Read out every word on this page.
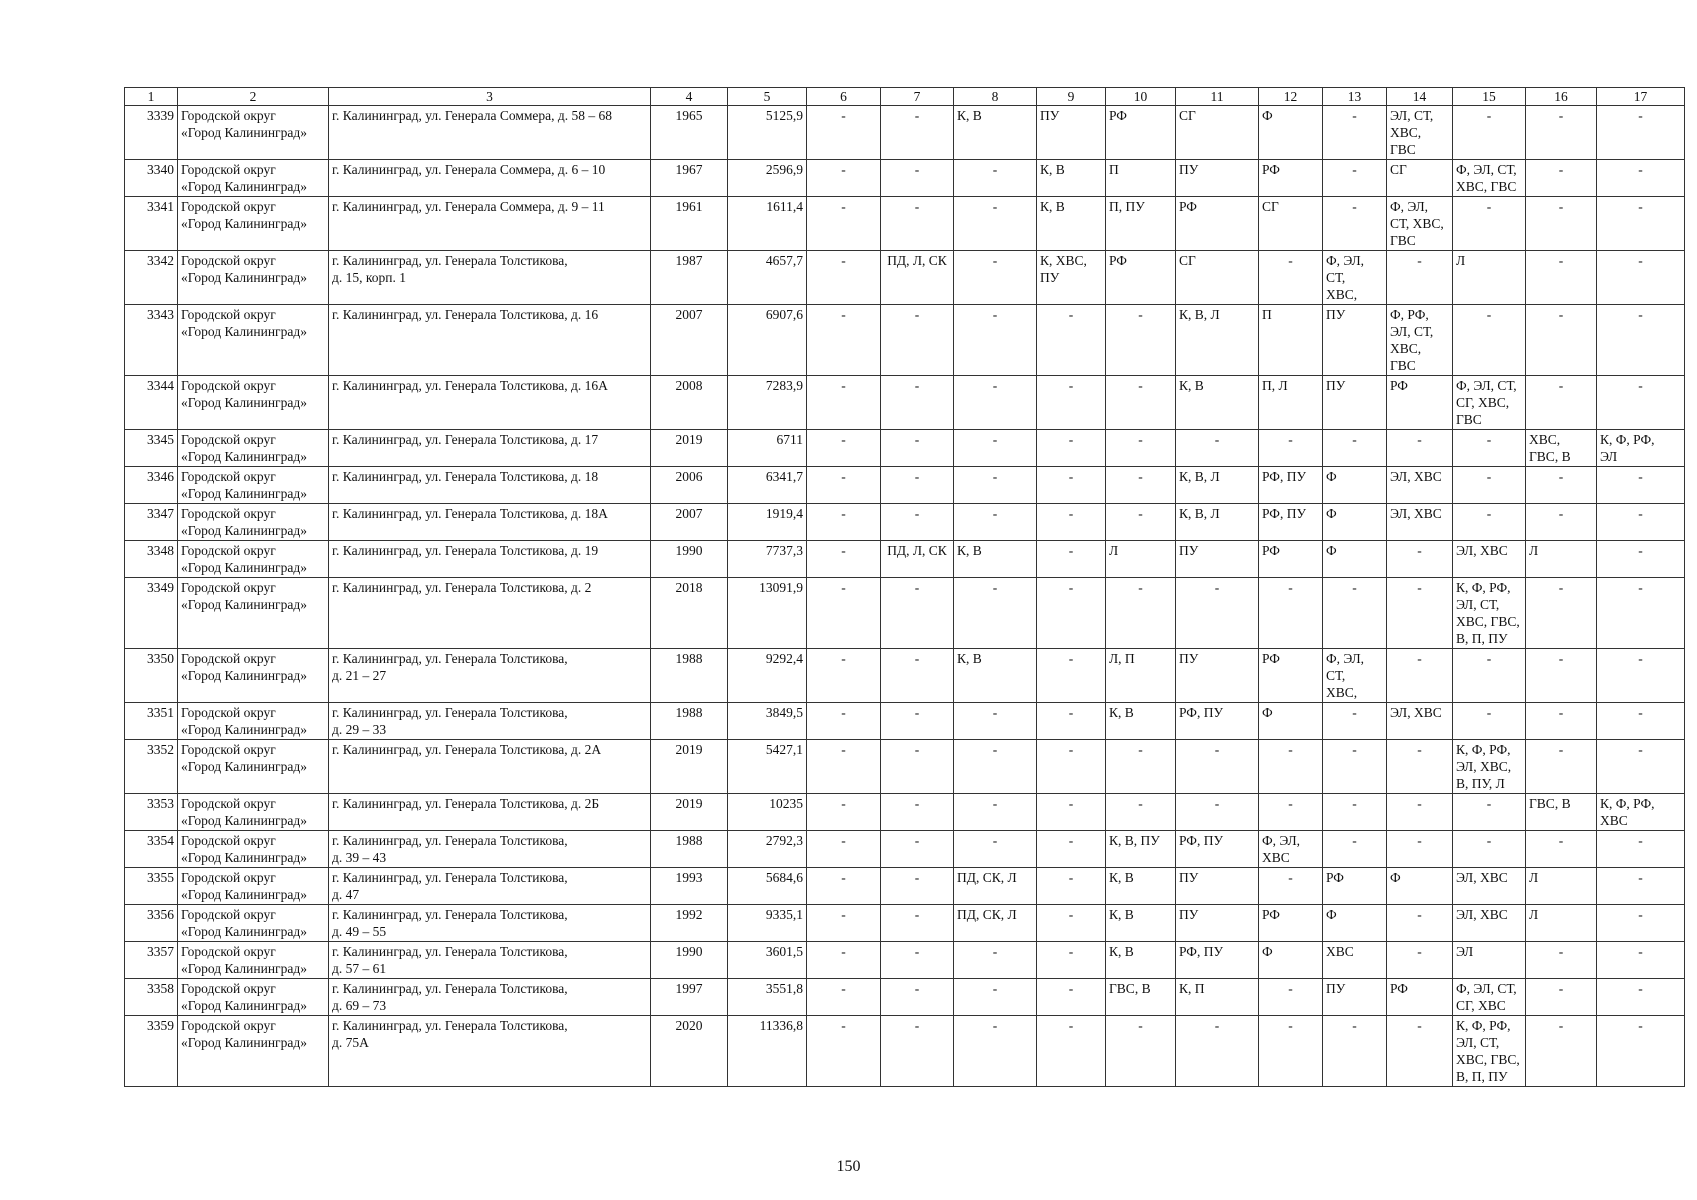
1	2	3	4	5	6	7	8	9	10	11	12	13	14	15	16	17
3339	Городской округ
«Город Калининград»	г. Калининград, ул. Генерала Соммера, д. 58 – 68	1965	5125,9	-	-	К, В	ПУ	РФ	СГ	Ф	-	ЭЛ, СТ,
ХВС,
ГВС	-	-	-
3340	Городской округ
«Город Калининград»	г. Калининград, ул. Генерала Соммера, д. 6 – 10	1967	2596,9	-	-	-	К, В	П	ПУ	РФ	-	СГ	Ф, ЭЛ, СТ,
ХВС, ГВС	-	-
3341	Городской округ
«Город Калининград»	г. Калининград, ул. Генерала Соммера, д. 9 – 11	1961	1611,4	-	-	-	К, В	П, ПУ	РФ	СГ	-	Ф, ЭЛ,
СТ, ХВС,
ГВС	-	-	-
3342	Городской округ
«Город Калининград»	г. Калининград, ул. Генерала Толстикова,
д. 15, корп. 1	1987	4657,7	-	ПД, Л, СК	-	К, ХВС,
ПУ	РФ	СГ	-	Ф, ЭЛ,
СТ,
ХВС,	-	Л	-	-
3343	Городской округ
«Город Калининград»	г. Калининград, ул. Генерала Толстикова, д. 16	2007	6907,6	-	-	-	-	-	К, В, Л	П	ПУ	Ф, РФ,
ЭЛ, СТ,
ХВС,
ГВС	-	-	-
3344	Городской округ
«Город Калининград»	г. Калининград, ул. Генерала Толстикова, д. 16А	2008	7283,9	-	-	-	-	-	К, В	П, Л	ПУ	РФ	Ф, ЭЛ, СТ,
СГ, ХВС,
ГВС	-	-
3345	Городской округ
«Город Калининград»	г. Калининград, ул. Генерала Толстикова, д. 17	2019	6711	-	-	-	-	-	-	-	-	-	-	ХВС,
ГВС, В	К, Ф, РФ,
ЭЛ
3346	Городской округ
«Город Калининград»	г. Калининград, ул. Генерала Толстикова, д. 18	2006	6341,7	-	-	-	-	-	К, В, Л	РФ, ПУ	Ф	ЭЛ, ХВС	-	-	-
3347	Городской округ
«Город Калининград»	г. Калининград, ул. Генерала Толстикова, д. 18А	2007	1919,4	-	-	-	-	-	К, В, Л	РФ, ПУ	Ф	ЭЛ, ХВС	-	-	-
3348	Городской округ
«Город Калининград»	г. Калининград, ул. Генерала Толстикова, д. 19	1990	7737,3	-	ПД, Л, СК	К, В	-	Л	ПУ	РФ	Ф	-	ЭЛ, ХВС	Л	-
3349	Городской округ
«Город Калининград»	г. Калининград, ул. Генерала Толстикова, д. 2	2018	13091,9	-	-	-	-	-	-	-	-	-	К, Ф, РФ,
ЭЛ, СТ,
ХВС, ГВС,
В, П, ПУ	-	-
3350	Городской округ
«Город Калининград»	г. Калининград, ул. Генерала Толстикова,
д. 21 – 27	1988	9292,4	-	-	К, В	-	Л, П	ПУ	РФ	Ф, ЭЛ,
СТ,
ХВС,	-	-	-	-
3351	Городской округ
«Город Калининград»	г. Калининград, ул. Генерала Толстикова,
д. 29 – 33	1988	3849,5	-	-	-	-	К, В	РФ, ПУ	Ф	-	ЭЛ, ХВС	-	-	-
3352	Городской округ
«Город Калининград»	г. Калининград, ул. Генерала Толстикова, д. 2А	2019	5427,1	-	-	-	-	-	-	-	-	-	К, Ф, РФ,
ЭЛ, ХВС,
В, ПУ, Л	-	-
3353	Городской округ
«Город Калининград»	г. Калининград, ул. Генерала Толстикова, д. 2Б	2019	10235	-	-	-	-	-	-	-	-	-	-	ГВС, В	К, Ф, РФ,
ХВС
3354	Городской округ
«Город Калининград»	г. Калининград, ул. Генерала Толстикова,
д. 39 – 43	1988	2792,3	-	-	-	-	К, В, ПУ	РФ, ПУ	Ф, ЭЛ,
ХВС	-	-	-	-	-
3355	Городской округ
«Город Калининград»	г. Калининград, ул. Генерала Толстикова,
д. 47	1993	5684,6	-	-	ПД, СК, Л	-	К, В	ПУ	-	РФ	Ф	ЭЛ, ХВС	Л	-
3356	Городской округ
«Город Калининград»	г. Калининград, ул. Генерала Толстикова,
д. 49 – 55	1992	9335,1	-	-	ПД, СК, Л	-	К, В	ПУ	РФ	Ф	-	ЭЛ, ХВС	Л	-
3357	Городской округ
«Город Калининград»	г. Калининград, ул. Генерала Толстикова,
д. 57 – 61	1990	3601,5	-	-	-	-	К, В	РФ, ПУ	Ф	ХВС	-	ЭЛ	-	-
3358	Городской округ
«Город Калининград»	г. Калининград, ул. Генерала Толстикова,
д. 69 – 73	1997	3551,8	-	-	-	-	ГВС, В	К, П	-	ПУ	РФ	Ф, ЭЛ, СТ,
СГ, ХВС	-	-
3359	Городской округ
«Город Калининград»	г. Калининград, ул. Генерала Толстикова,
д. 75А	2020	11336,8	-	-	-	-	-	-	-	-	-	К, Ф, РФ,
ЭЛ, СТ,
ХВС, ГВС,
В, П, ПУ	-	-
150
